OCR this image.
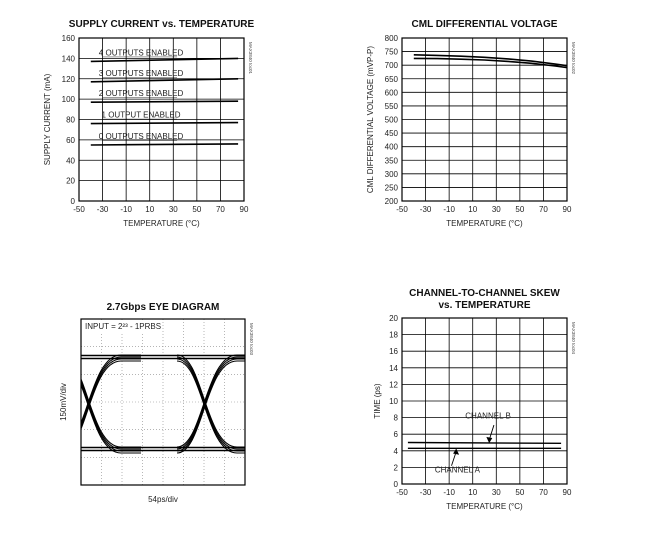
SUPPLY CURRENT vs. TEMPERATURE
-50 -30 -10 10 30 50 70 90
0
20
40
60
80
100
120
140
160
TEMPERATURE (°C)
SUPPLY CURRENT (mA)
MAX3840 toc01
4 OUTPUTS ENABLED
3 OUTPUTS ENABLED
2 OUTPUTS ENABLED
1 OUTPUT ENABLED
0 OUTPUTS ENABLED
CML DIFFERENTIAL VOLTAGE
-50 -30 -10 10 30 50 70 90
200
250
300
350
400
450
500
550
600
650
700
750
800
TEMPERATURE (°C)
CML DIFFERENTIAL VOLTAGE (mVP-P)	MAX3840 toc02
CHANNEL-TO-CHANNEL SKEW
vs. TEMPERATURE
-50 -30 -10 10 30 50 70 90
0
2
4
6
8
10
12
14
16
18
20
TEMPERATURE (°C)
TIME (ps)
MAX3840 toc04
CHANNEL B
CHANNEL A
2.7Gbps EYE DIAGRAM
INPUT = 2²³ - 1PRBS
54ps/div
150mV/div
MAX3840 toc03
